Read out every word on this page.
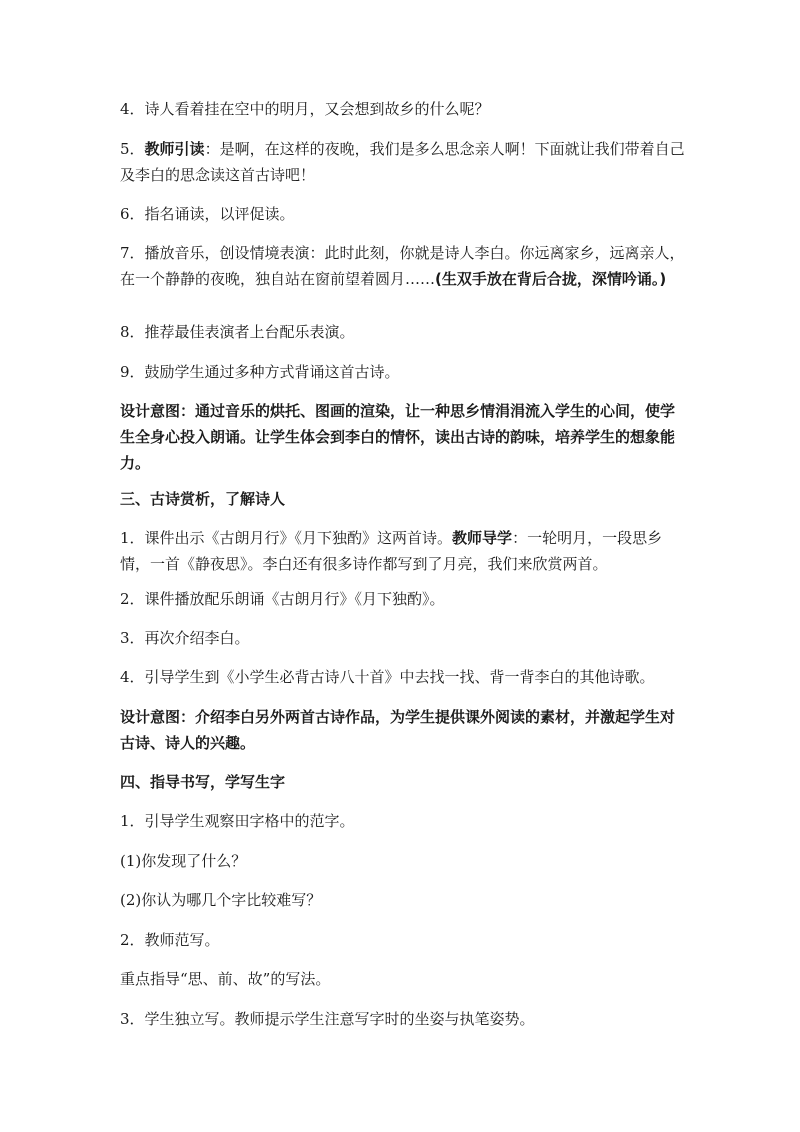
4．诗人看着挂在空中的明月，又会想到故乡的什么呢？
5．教师引读：是啊，在这样的夜晚，我们是多么思念亲人啊！下面就让我们带着自己及李白的思念读这首古诗吧！
6．指名诵读，以评促读。
7．播放音乐，创设情境表演：此时此刻，你就是诗人李白。你远离家乡，远离亲人，在一个静静的夜晚，独自站在窗前望着圆月……(生双手放在背后合拢，深情吟诵。)
8．推荐最佳表演者上台配乐表演。
9．鼓励学生通过多种方式背诵这首古诗。
设计意图：通过音乐的烘托、图画的渲染，让一种思乡情涓涓流入学生的心间，使学生全身心投入朗诵。让学生体会到李白的情怀，读出古诗的韵味，培养学生的想象能力。
三、古诗赏析，了解诗人
1．课件出示《古朗月行》《月下独酌》这两首诗。教师导学：一轮明月，一段思乡情，一首《静夜思》。李白还有很多诗作都写到了月亮，我们来欣赏两首。
2．课件播放配乐朗诵《古朗月行》《月下独酌》。
3．再次介绍李白。
4．引导学生到《小学生必背古诗八十首》中去找一找、背一背李白的其他诗歌。
设计意图：介绍李白另外两首古诗作品，为学生提供课外阅读的素材，并激起学生对古诗、诗人的兴趣。
四、指导书写，学写生字
1．引导学生观察田字格中的范字。
(1)你发现了什么？
(2)你认为哪几个字比较难写？
2．教师范写。
重点指导“思、前、故”的写法。
3．学生独立写。教师提示学生注意写字时的坐姿与执笔姿势。
